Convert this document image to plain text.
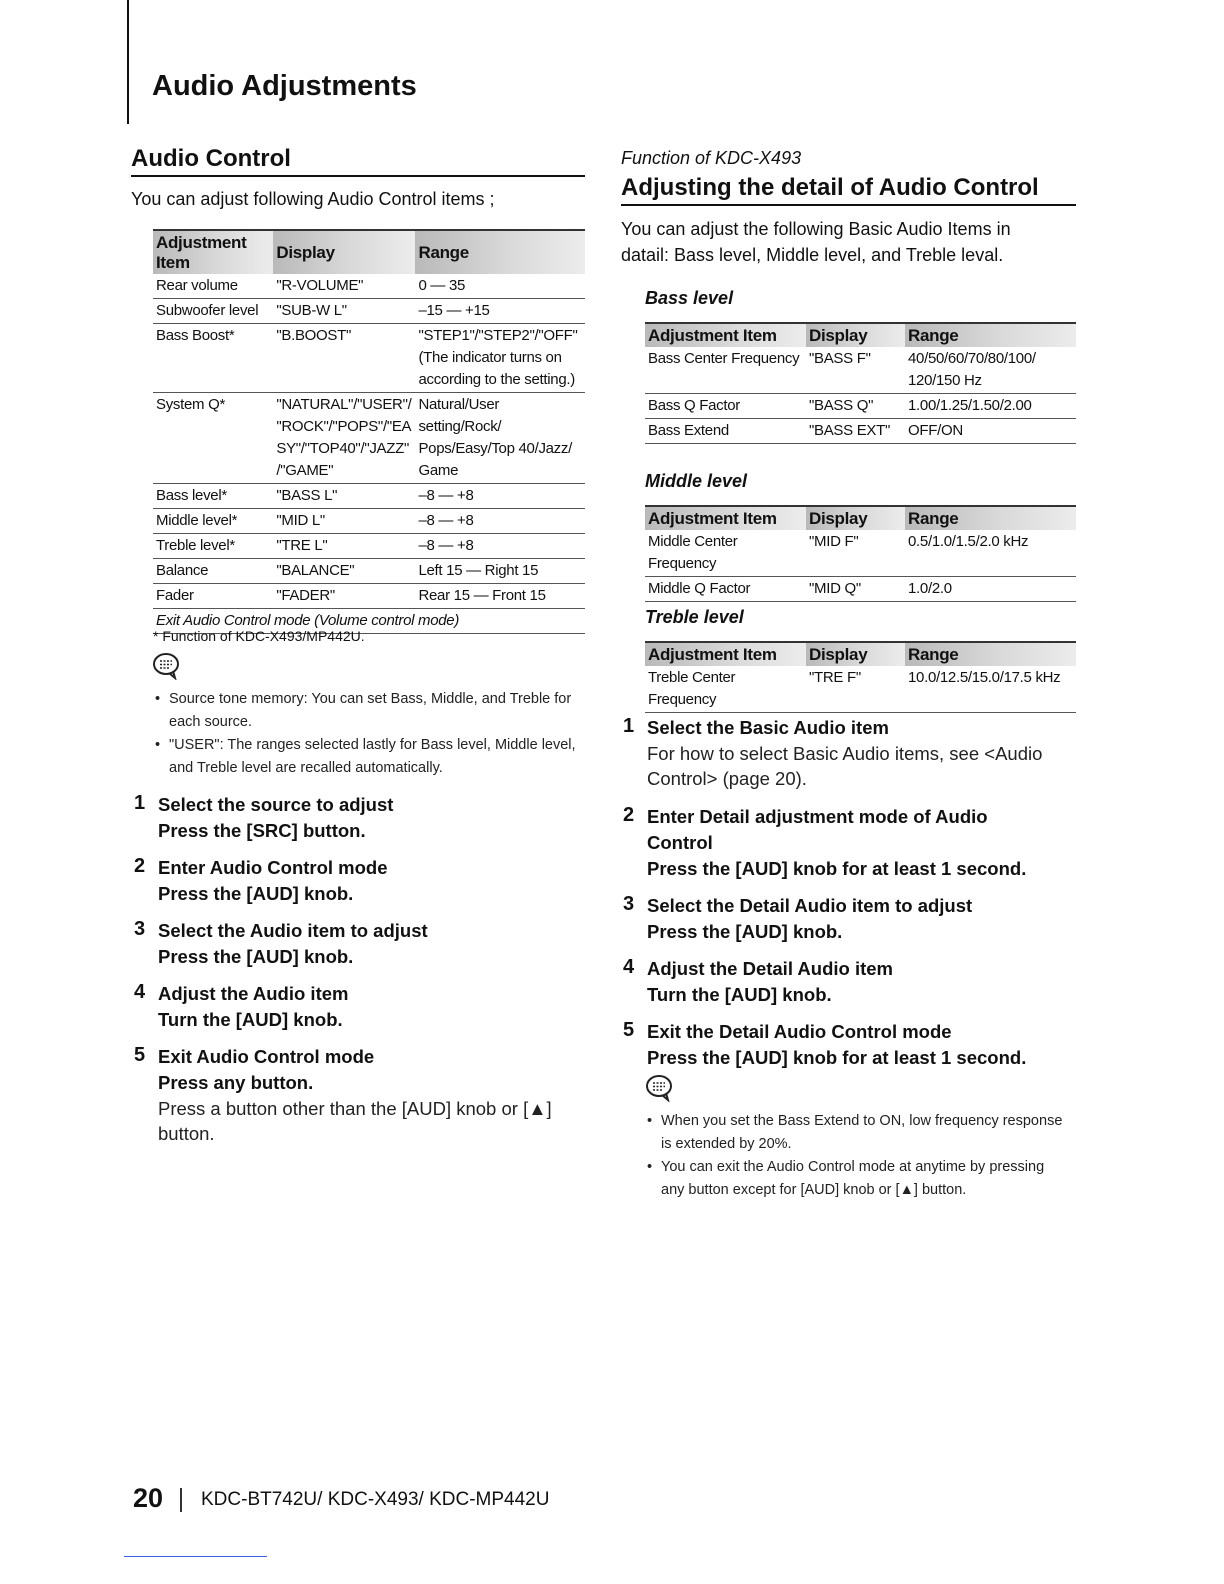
Audio Adjustments
Audio Control

You can adjust following Audio Control items ;

Adjustment Item	Display	Range
Rear volume	"R-VOLUME"	0 — 35
Subwoofer level	"SUB-W L"	–15 — +15
Bass Boost*	"B.BOOST"	"STEP1"/"STEP2"/"OFF" (The indicator turns on according to the setting.)
System Q*	"NATURAL"/"USER"/ "ROCK"/"POPS"/"EA SY"/"TOP40"/"JAZZ" /"GAME"	Natural/User setting/Rock/ Pops/Easy/Top 40/Jazz/ Game
Bass level*	"BASS L"	–8 — +8
Middle level*	"MID L"	–8 — +8
Treble level*	"TRE L"	–8 — +8
Balance	"BALANCE"	Left 15 — Right 15
Fader	"FADER"	Rear 15 — Front 15
Exit Audio Control mode (Volume control mode)		

* Function of KDC-X493/MP442U.

• Source tone memory: You can set Bass, Middle, and Treble for each source.
• "USER": The ranges selected lastly for Bass level, Middle level, and Treble level are recalled automatically.
1 Select the source to adjust
Press the [SRC] button.
2 Enter Audio Control mode
Press the [AUD] knob.
3 Select the Audio item to adjust
Press the [AUD] knob.
4 Adjust the Audio item
Turn the [AUD] knob.
5 Exit Audio Control mode
Press any button.
Press a button other than the [AUD] knob or [▲] button.

Function of KDC-X493

Adjusting the detail of Audio Control

You can adjust the following Basic Audio Items in datail: Bass level, Middle level, and Treble leval.

Bass level

Adjustment Item	Display	Range
Bass Center Frequency	"BASS F"	40/50/60/70/80/100/ 120/150 Hz
Bass Q Factor	"BASS Q"	1.00/1.25/1.50/2.00
Bass Extend	"BASS EXT"	OFF/ON

Middle level

Adjustment Item	Display	Range
Middle Center Frequency	"MID F"	0.5/1.0/1.5/2.0 kHz
Middle Q Factor	"MID Q"	1.0/2.0

Treble level

Adjustment Item	Display	Range
Treble Center Frequency	"TRE F"	10.0/12.5/15.0/17.5 kHz
1 Select the Basic Audio item
For how to select Basic Audio items, see <Audio Control> (page 20).
2 Enter Detail adjustment mode of Audio Control
Press the [AUD] knob for at least 1 second.
3 Select the Detail Audio item to adjust
Press the [AUD] knob.
4 Adjust the Detail Audio item
Turn the [AUD] knob.
5 Exit the Detail Audio Control mode
Press the [AUD] knob for at least 1 second.
• When you set the Bass Extend to ON, low frequency response is extended by 20%.
• You can exit the Audio Control mode at anytime by pressing any button except for [AUD] knob or [▲] button.
20 KDC-BT742U/ KDC-X493/ KDC-MP442U
